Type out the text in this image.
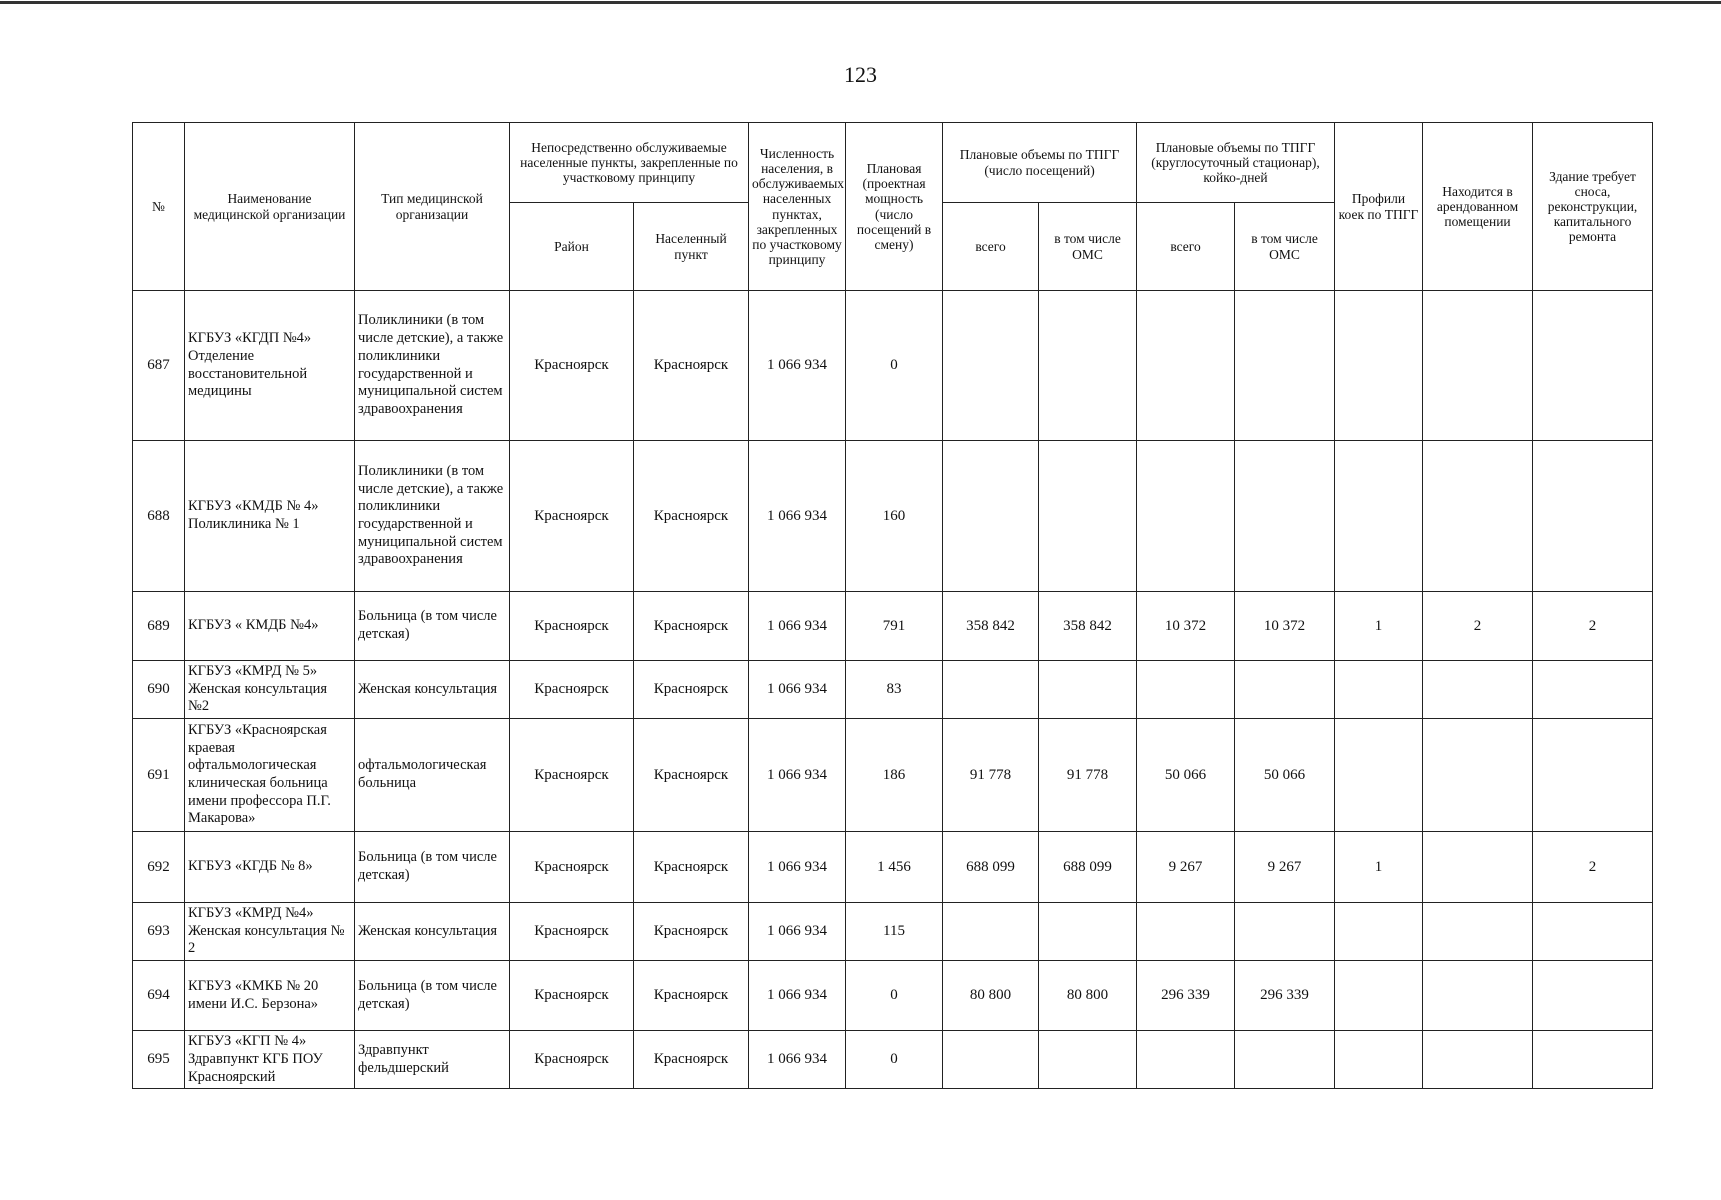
123
№	Наименование медицинской организации	Тип медицинской организации	Непосредственно обслуживаемые населенные пункты, закрепленные по участковому принципу		Численность населения, в обслуживаемых населенных пунктах, закрепленных по участковому принципу	Плановая (проектная мощность (число посещений в смену)	Плановые объемы по ТПГГ (число посещений)		Плановые объемы по ТПГГ (круглосуточный стационар), койко-дней		Профили коек по ТПГГ	Находится в арендованном помещении	Здание требует сноса, реконструкции, капитального ремонта
			Район	Населенный пункт			всего	в том числе ОМС	всего	в том числе ОМС			
687	КГБУЗ «КГДП №4» Отделение восстановительной медицины	Поликлиники (в том числе детские), а также поликлиники государственной и муниципальной систем здравоохранения	Красноярск	Красноярск	1 066 934	0							
688	КГБУЗ «КМДБ № 4» Поликлиника № 1	Поликлиники (в том числе детские), а также поликлиники государственной и муниципальной систем здравоохранения	Красноярск	Красноярск	1 066 934	160							
689	КГБУЗ « КМДБ №4»	Больница (в том числе детская)	Красноярск	Красноярск	1 066 934	791	358 842	358 842	10 372	10 372	1	2	2
690	КГБУЗ «КМРД № 5» Женская консультация №2	Женская консультация	Красноярск	Красноярск	1 066 934	83							
691	КГБУЗ «Красноярская краевая офтальмологическая клиническая больница имени профессора П.Г. Макарова»	офтальмологическая больница	Красноярск	Красноярск	1 066 934	186	91 778	91 778	50 066	50 066			
692	КГБУЗ «КГДБ № 8»	Больница (в том числе детская)	Красноярск	Красноярск	1 066 934	1 456	688 099	688 099	9 267	9 267	1		2
693	КГБУЗ «КМРД №4» Женская консультация № 2	Женская консультация	Красноярск	Красноярск	1 066 934	115							
694	КГБУЗ «КМКБ № 20 имени И.С. Берзона»	Больница (в том числе детская)	Красноярск	Красноярск	1 066 934	0	80 800	80 800	296 339	296 339			
695	КГБУЗ «КГП № 4» Здравпункт КГБ ПОУ Красноярский	Здравпункт фельдшерский	Красноярск	Красноярск	1 066 934	0							
